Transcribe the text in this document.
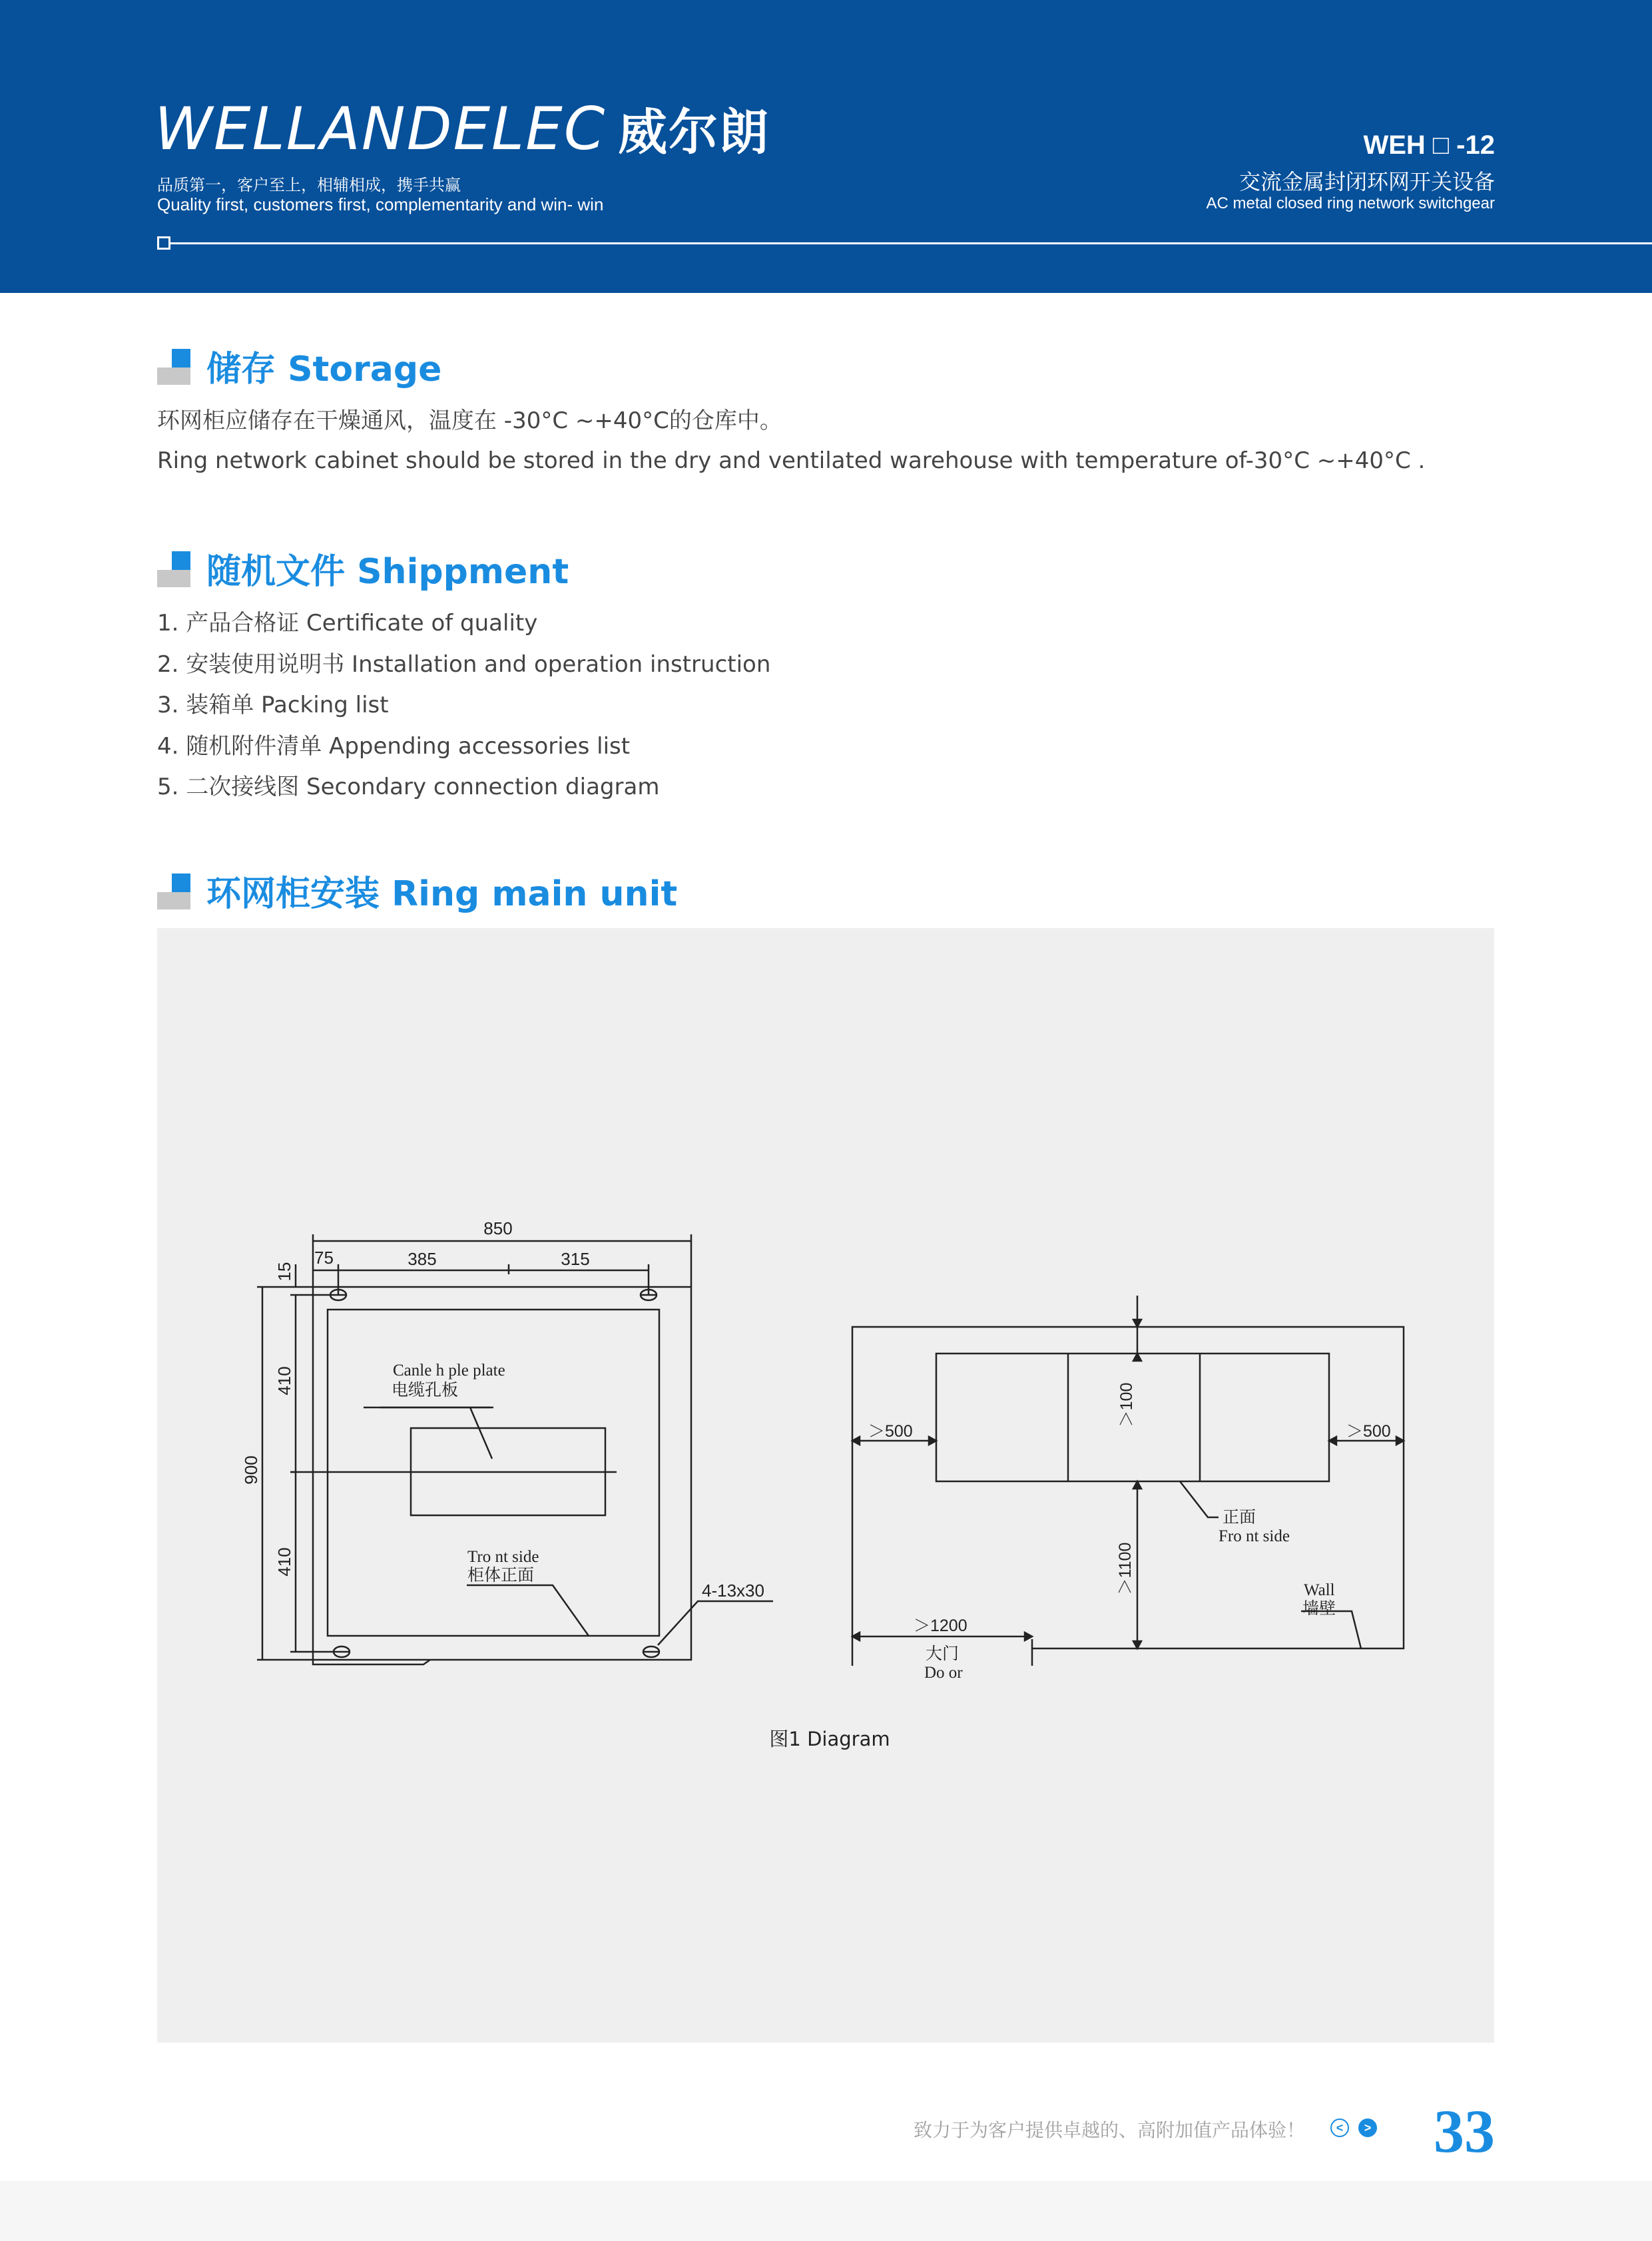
WELLANDELEC 威尔朗
品质第一，客户至上，相辅相成，携手共赢
Quality first, customers first, complementarity and win- win
WEH □ -12
交流金属封闭环网开关设备
AC metal closed ring network switchgear
储存 Storage
环网柜应储存在干燥通风，温度在 -30°C ~+40°C的仓库中。
Ring network cabinet should be stored in the dry and ventilated warehouse with temperature of-30°C ~+40°C .
随机文件 Shippment
1. 产品合格证 Certificate of quality
2. 安装使用说明书 Installation and operation instruction
3. 装箱单 Packing list
4. 随机附件清单 Appending accessories list
5. 二次接线图 Secondary connection diagram
环网柜安装 Ring main unit
850
75	385	315
15
410
900
410
Canle h ple plate
电缆孔板
Tro nt side
柜体正面
4-13x30
＞500	＞500
＞100
＞1100
＞1200
正面
Fro nt side
Wall
墙壁
大门
Do or
图1 Diagram
致力于为客户提供卓越的、高附加值产品体验！	<	> 33
